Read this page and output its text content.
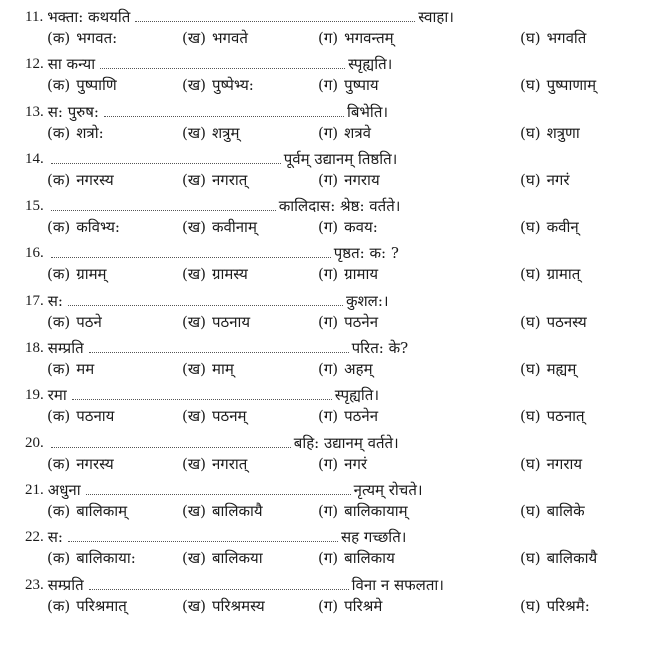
11. भक्ता: कथयति	स्वाहा।
(क) भगवत:	(ख) भगवते	(ग) भगवन्तम्	(घ) भगवति
12. सा कन्या	स्पृह्यति।
(क) पुष्पाणि	(ख) पुष्पेभ्य:	(ग) पुष्पाय	(घ) पुष्पाणाम्
13. स: पुरुष:	बिभेति।
(क) शत्रो:	(ख) शत्रुम्	(ग) शत्रवे	(घ) शत्रुणा
14.	पूर्वम् उद्यानम् तिष्ठति।
(क) नगरस्य	(ख) नगरात्	(ग) नगराय	(घ) नगरं
15.	कालिदास: श्रेष्ठ: वर्तते।
(क) कविभ्य:	(ख) कवीनाम्	(ग) कवय:	(घ) कवीन्
16.	पृष्ठत: क: ?
(क) ग्रामम्	(ख) ग्रामस्य	(ग) ग्रामाय	(घ) ग्रामात्
17. स:	कुशल:।
(क) पठने	(ख) पठनाय	(ग) पठनेन	(घ) पठनस्य
18. सम्प्रति	परित: के?
(क) मम	(ख) माम्	(ग) अहम्	(घ) मह्यम्
19. रमा	स्पृह्यति।
(क) पठनाय	(ख) पठनम्	(ग) पठनेन	(घ) पठनात्
20.	बहि: उद्यानम् वर्तते।
(क) नगरस्य	(ख) नगरात्	(ग) नगरं	(घ) नगराय
21. अधुना	नृत्यम् रोचते।
(क) बालिकाम्	(ख) बालिकायै	(ग) बालिकायाम्	(घ) बालिके
22. स:	सह गच्छति।
(क) बालिकाया:	(ख) बालिकया	(ग) बालिकाय	(घ) बालिकायै
23. सम्प्रति	विना न सफलता।
(क) परिश्रमात्	(ख) परिश्रमस्य	(ग) परिश्रमे	(घ) परिश्रमै:
